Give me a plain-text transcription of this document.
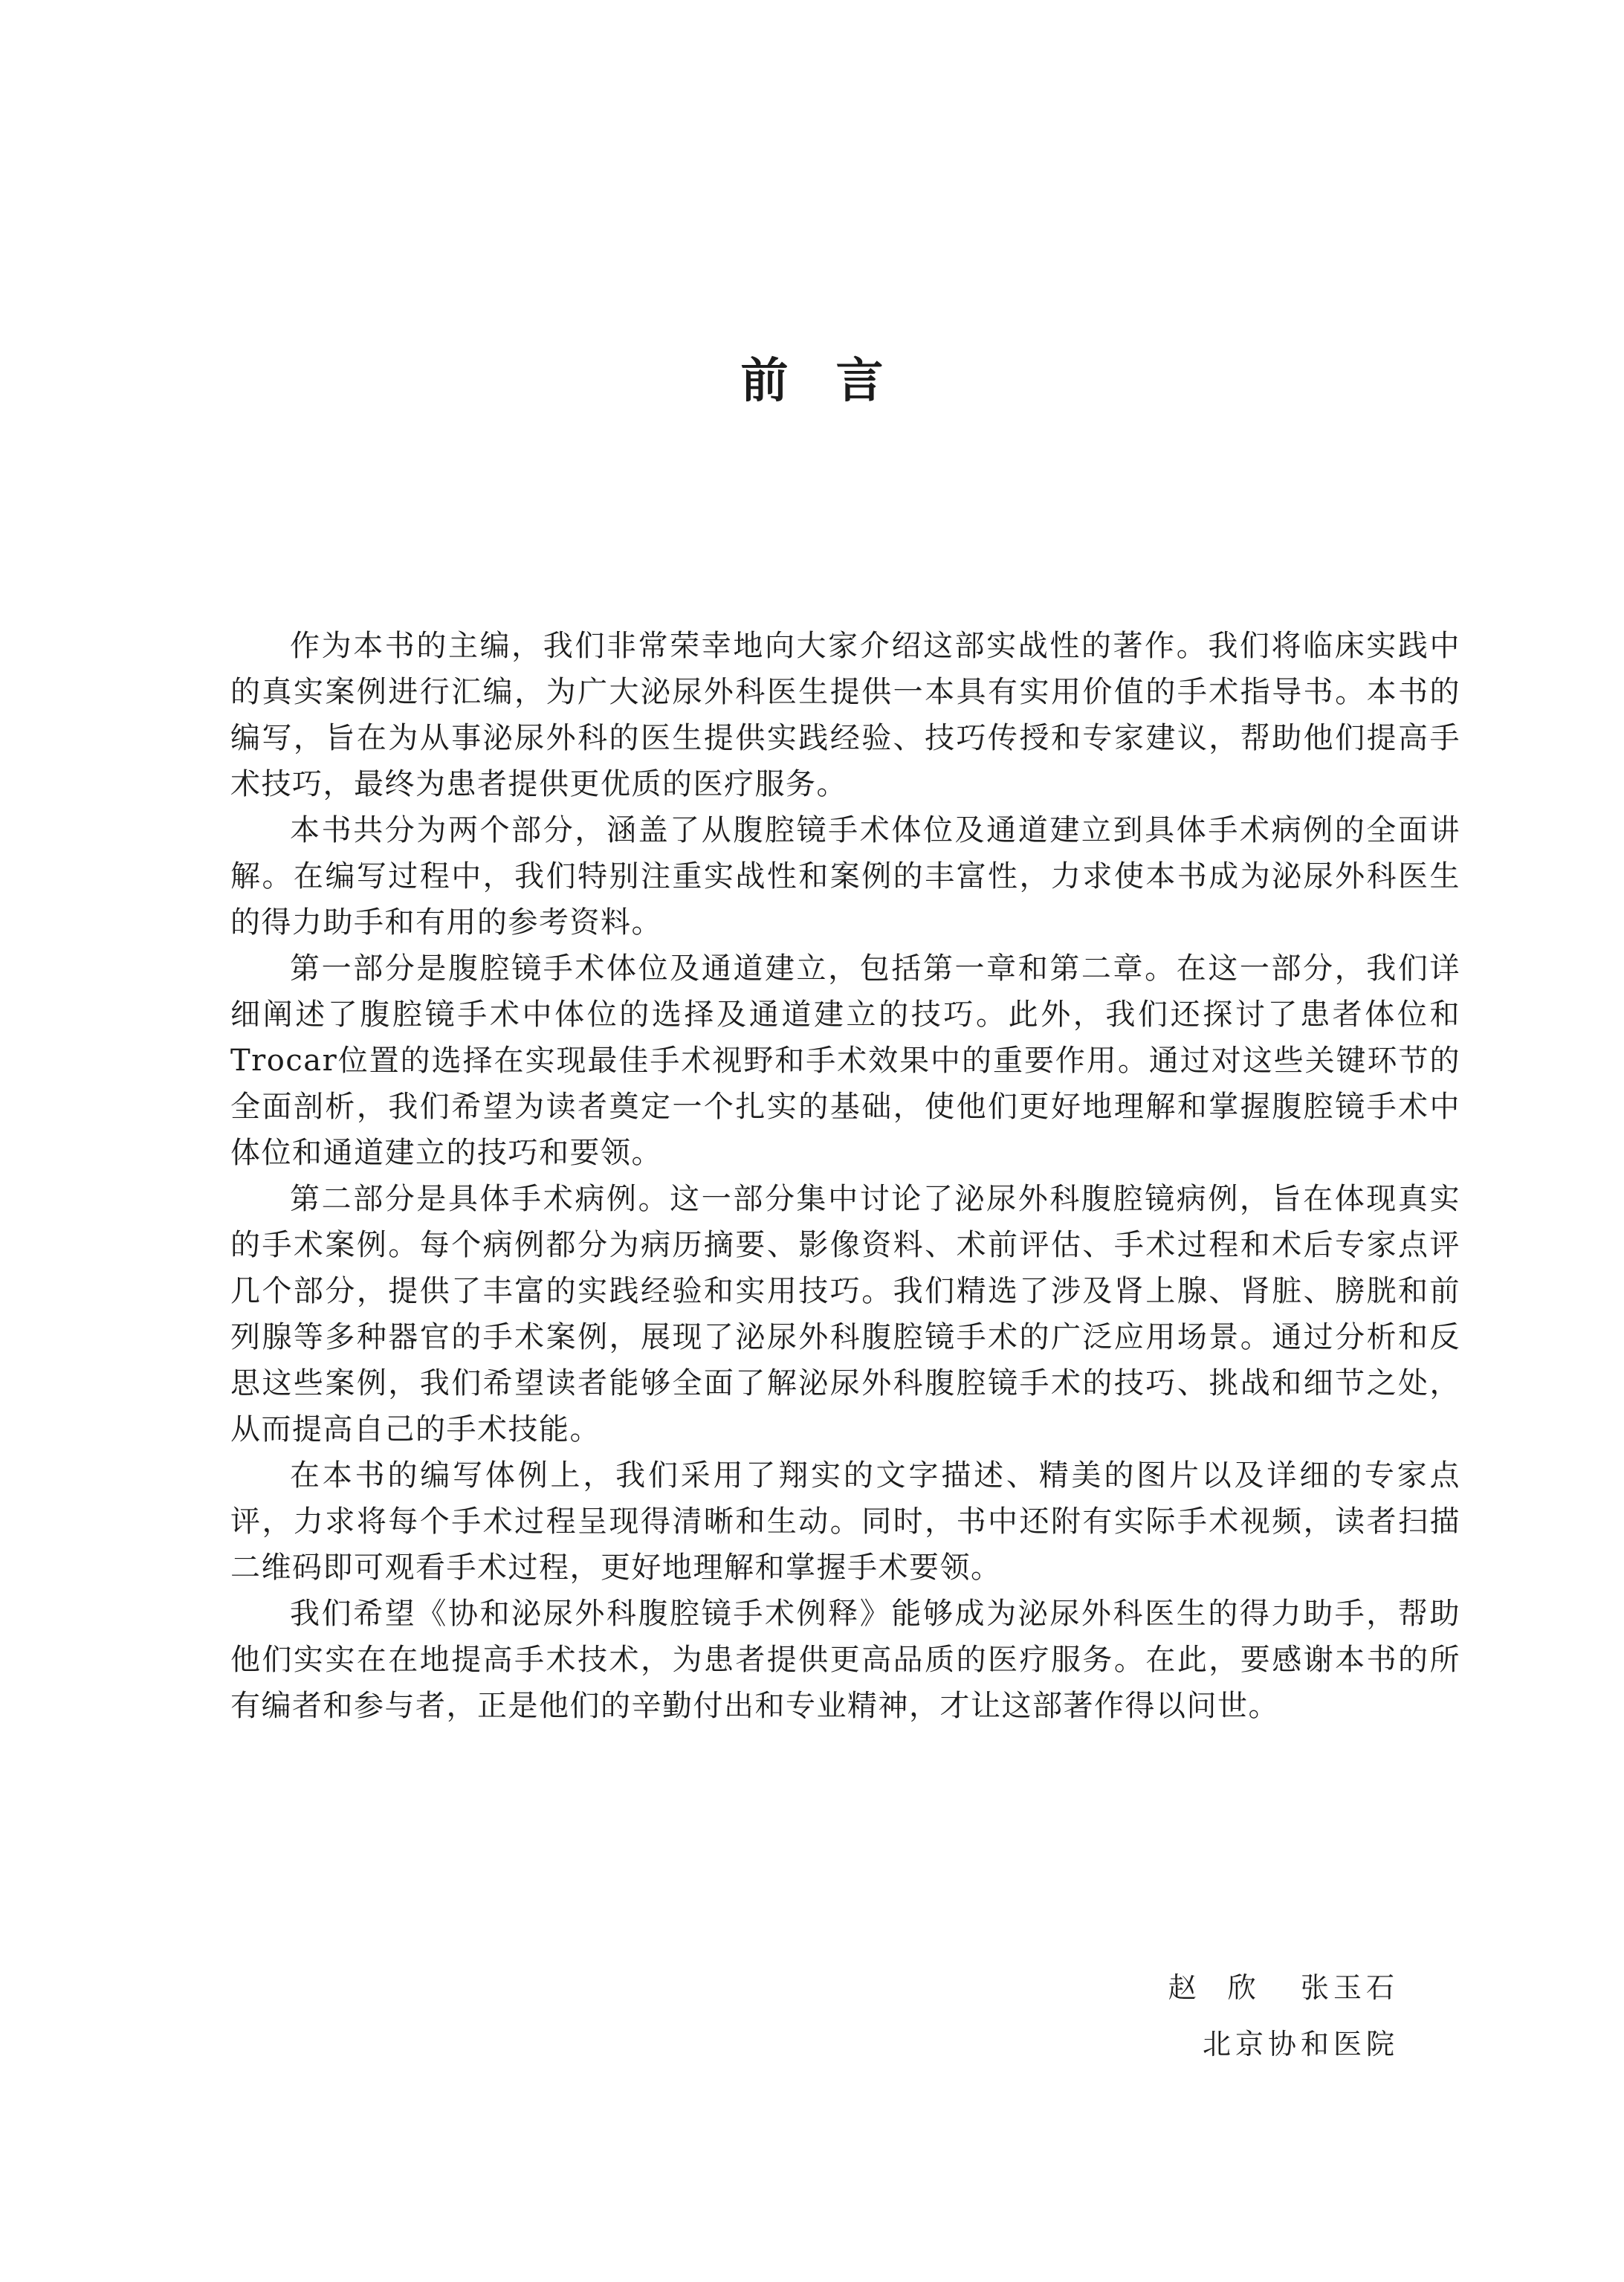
前 言

作为本书的主编，我们非常荣幸地向大家介绍这部实战性的著作。我们将临床实践中的真实案例进行汇编，为广大泌尿外科医生提供一本具有实用价值的手术指导书。本书的编写，旨在为从事泌尿外科的医生提供实践经验、技巧传授和专家建议，帮助他们提高手术技巧，最终为患者提供更优质的医疗服务。

本书共分为两个部分，涵盖了从腹腔镜手术体位及通道建立到具体手术病例的全面讲解。在编写过程中，我们特别注重实战性和案例的丰富性，力求使本书成为泌尿外科医生的得力助手和有用的参考资料。

第一部分是腹腔镜手术体位及通道建立，包括第一章和第二章。在这一部分，我们详细阐述了腹腔镜手术中体位的选择及通道建立的技巧。此外，我们还探讨了患者体位和Trocar位置的选择在实现最佳手术视野和手术效果中的重要作用。通过对这些关键环节的全面剖析，我们希望为读者奠定一个扎实的基础，使他们更好地理解和掌握腹腔镜手术中体位和通道建立的技巧和要领。

第二部分是具体手术病例。这一部分集中讨论了泌尿外科腹腔镜病例，旨在体现真实的手术案例。每个病例都分为病历摘要、影像资料、术前评估、手术过程和术后专家点评几个部分，提供了丰富的实践经验和实用技巧。我们精选了涉及肾上腺、肾脏、膀胱和前列腺等多种器官的手术案例，展现了泌尿外科腹腔镜手术的广泛应用场景。通过分析和反思这些案例，我们希望读者能够全面了解泌尿外科腹腔镜手术的技巧、挑战和细节之处，从而提高自己的手术技能。

在本书的编写体例上，我们采用了翔实的文字描述、精美的图片以及详细的专家点评，力求将每个手术过程呈现得清晰和生动。同时，书中还附有实际手术视频，读者扫描二维码即可观看手术过程，更好地理解和掌握手术要领。

我们希望《协和泌尿外科腹腔镜手术例释》能够成为泌尿外科医生的得力助手，帮助他们实实在在地提高手术技术，为患者提供更高品质的医疗服务。在此，要感谢本书的所有编者和参与者，正是他们的辛勤付出和专业精神，才让这部著作得以问世。

赵  欣   张玉石
北京协和医院
